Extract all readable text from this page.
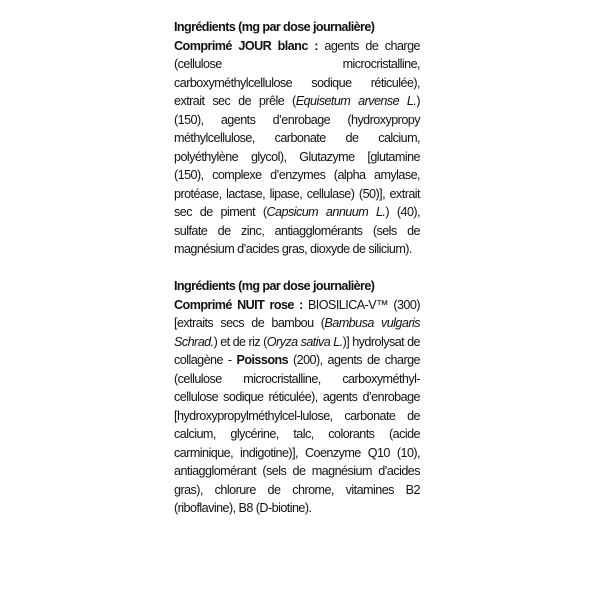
Ingrédients (mg par dose journalière)
Comprimé JOUR blanc : agents de charge (cellulose microcristalline, carboxyméthylcellulose sodique réticulée), extrait sec de prêle (Equisetum arvense L.) (150), agents d’enrobage (hydroxypropy méthylcellulose, carbonate de calcium, polyéthylène glycol), Glutazyme [glutamine (150), complexe d’enzymes (alpha amylase, protéase, lactase, lipase, cellulase) (50)], extrait sec de piment (Capsicum annuum L.) (40), sulfate de zinc, antiagglomérants (sels de magnésium d’acides gras, dioxyde de silicium).
Ingrédients (mg par dose journalière)
Comprimé NUIT rose : BIOSILICA-V™ (300) [extraits secs de bambou (Bambusa vulgaris Schrad.) et de riz (Oryza sativa L.)] hydrolysat de collagène - Poissons (200), agents de charge (cellulose microcristalline, carboxyméthyl-cellulose sodique réticulée), agents d’enrobage [hydroxypropylméthylcel-lulose, carbonate de calcium, glycérine, talc, colorants (acide carminique, indigotine)], Coenzyme Q10 (10), antiagglomérant (sels de magnésium d’acides gras), chlorure de chrome, vitamines B2 (riboflavine), B8 (D-biotine).
